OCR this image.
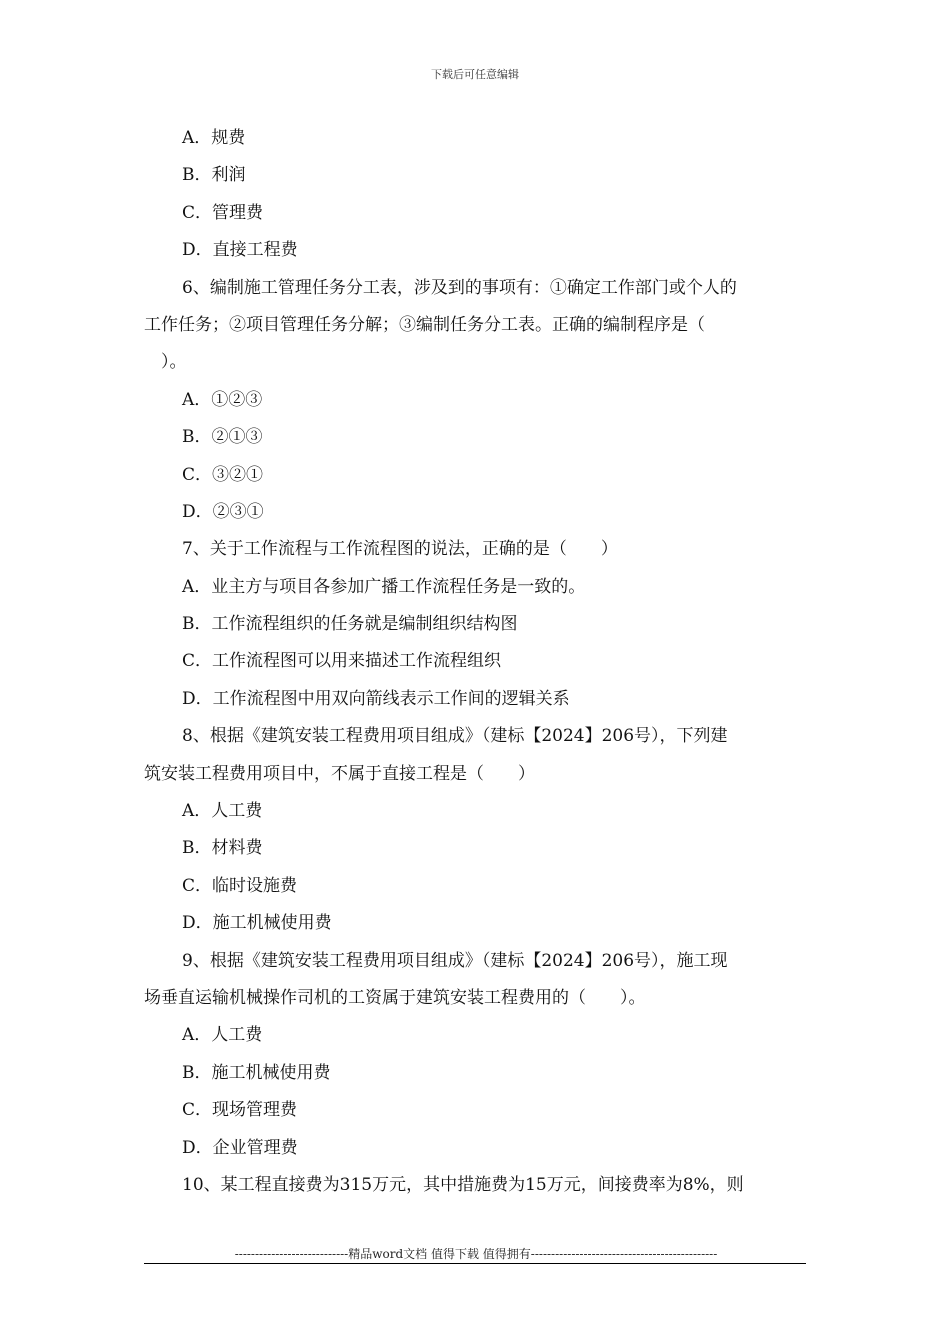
下载后可任意编辑
A．规费
B．利润
C．管理费
D．直接工程费
6、编制施工管理任务分工表，涉及到的事项有：①确定工作部门或个人的
工作任务；②项目管理任务分解；③编制任务分工表。正确的编制程序是（
　）。
A．①②③
B．②①③
C．③②①
D．②③①
7、关于工作流程与工作流程图的说法，正确的是（　　）
A．业主方与项目各参加广播工作流程任务是一致的。
B．工作流程组织的任务就是编制组织结构图
C．工作流程图可以用来描述工作流程组织
D．工作流程图中用双向箭线表示工作间的逻辑关系
8、根据《建筑安装工程费用项目组成》（建标【2024】206号），下列建
筑安装工程费用项目中，不属于直接工程是（　　）
A．人工费
B．材料费
C．临时设施费
D．施工机械使用费
9、根据《建筑安装工程费用项目组成》（建标【2024】206号），施工现
场垂直运输机械操作司机的工资属于建筑安装工程费用的（　　）。
A．人工费
B．施工机械使用费
C．现场管理费
D．企业管理费
10、某工程直接费为315万元，其中措施费为15万元，间接费率为8%，则
----------------------------精品word文档 值得下载 值得拥有----------------------------------------------
